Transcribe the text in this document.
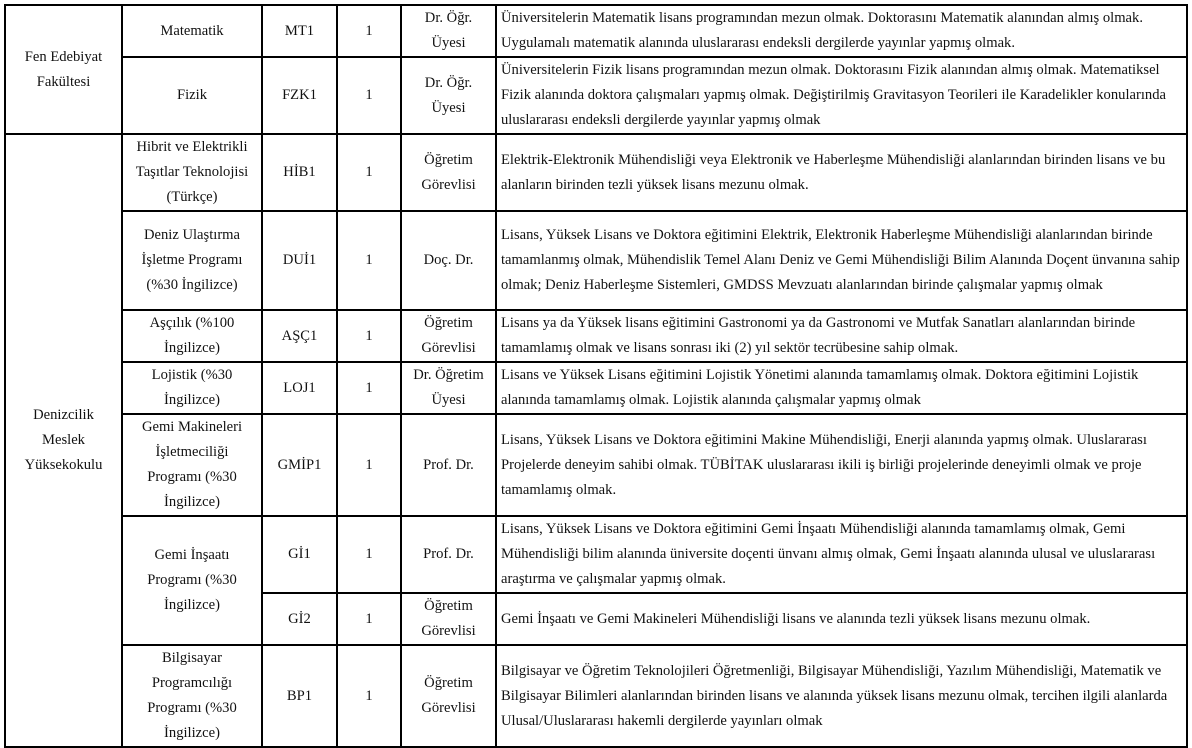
Fen Edebiyat Fakültesi	Matematik	MT1	1	Dr. Öğr. Üyesi	Üniversitelerin Matematik lisans programından mezun olmak. Doktorasını Matematik alanından almış olmak. Uygulamalı matematik alanında uluslararası endeksli dergilerde yayınlar yapmış olmak.
	Fizik	FZK1	1	Dr. Öğr. Üyesi	Üniversitelerin Fizik lisans programından mezun olmak. Doktorasını Fizik alanından almış olmak. Matematiksel Fizik alanında doktora çalışmaları yapmış olmak. Değiştirilmiş Gravitasyon Teorileri ile Karadelikler konularında uluslararası endeksli dergilerde yayınlar yapmış olmak
Denizcilik Meslek Yüksekokulu	Hibrit ve Elektrikli Taşıtlar Teknolojisi (Türkçe)	HİB1	1	Öğretim Görevlisi	Elektrik-Elektronik Mühendisliği veya Elektronik ve Haberleşme Mühendisliği alanlarından birinden lisans ve bu alanların birinden tezli yüksek lisans mezunu olmak.
	Deniz Ulaştırma İşletme Programı (%30 İngilizce)	DUİ1	1	Doç. Dr.	Lisans, Yüksek Lisans ve Doktora eğitimini Elektrik, Elektronik Haberleşme Mühendisliği alanlarından birinde tamamlanmış olmak, Mühendislik Temel Alanı Deniz ve Gemi Mühendisliği Bilim Alanında Doçent ünvanına sahip olmak; Deniz Haberleşme Sistemleri, GMDSS Mevzuatı alanlarından birinde çalışmalar yapmış olmak
	Aşçılık (%100 İngilizce)	AŞÇ1	1	Öğretim Görevlisi	Lisans ya da Yüksek lisans eğitimini Gastronomi ya da Gastronomi ve Mutfak Sanatları alanlarından birinde tamamlamış olmak ve lisans sonrası iki (2) yıl sektör tecrübesine sahip olmak.
	Lojistik (%30 İngilizce)	LOJ1	1	Dr. Öğretim Üyesi	Lisans ve Yüksek Lisans eğitimini Lojistik Yönetimi alanında tamamlamış olmak. Doktora eğitimini Lojistik alanında tamamlamış olmak. Lojistik alanında çalışmalar yapmış olmak
	Gemi Makineleri İşletmeciliği Programı (%30 İngilizce)	GMİP1	1	Prof. Dr.	Lisans, Yüksek Lisans ve Doktora eğitimini Makine Mühendisliği, Enerji alanında yapmış olmak. Uluslararası Projelerde deneyim sahibi olmak. TÜBİTAK uluslararası ikili iş birliği projelerinde deneyimli olmak ve proje tamamlamış olmak.
	Gemi İnşaatı Programı (%30 İngilizce)	Gİ1	1	Prof. Dr.	Lisans, Yüksek Lisans ve Doktora eğitimini Gemi İnşaatı Mühendisliği alanında tamamlamış olmak, Gemi Mühendisliği bilim alanında üniversite doçenti ünvanı almış olmak, Gemi İnşaatı alanında ulusal ve uluslararası araştırma ve çalışmalar yapmış olmak.
		Gİ2	1	Öğretim Görevlisi	Gemi İnşaatı ve Gemi Makineleri Mühendisliği lisans ve alanında tezli yüksek lisans mezunu olmak.
	Bilgisayar Programcılığı Programı (%30 İngilizce)	BP1	1	Öğretim Görevlisi	Bilgisayar ve Öğretim Teknolojileri Öğretmenliği, Bilgisayar Mühendisliği, Yazılım Mühendisliği, Matematik ve Bilgisayar Bilimleri alanlarından birinden lisans ve alanında yüksek lisans mezunu olmak, tercihen ilgili alanlarda Ulusal/Uluslararası hakemli dergilerde yayınları olmak
